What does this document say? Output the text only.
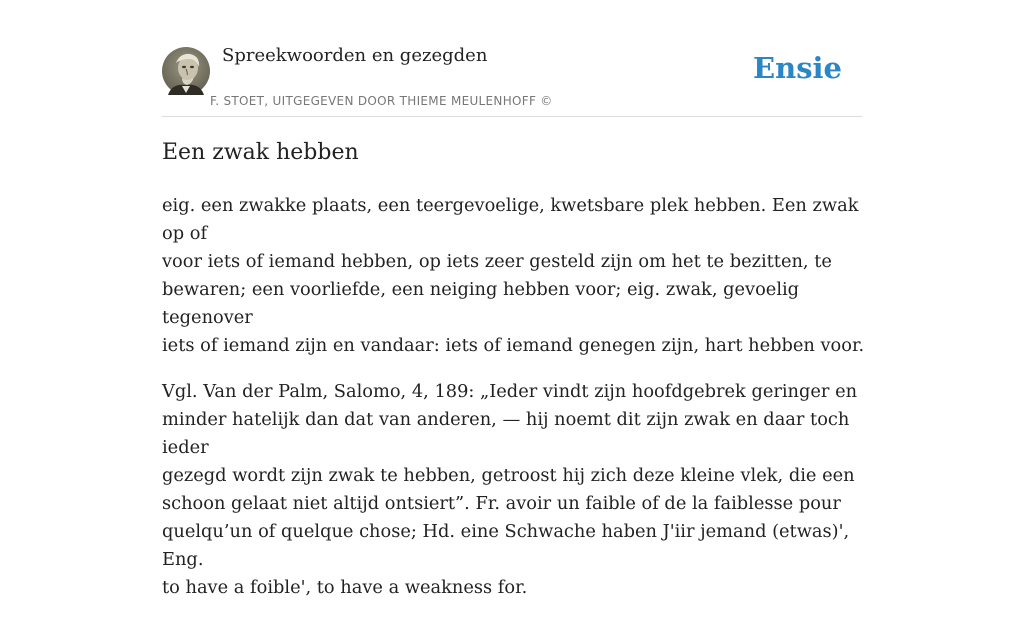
Spreekwoorden en gezegden
F. STOET, UITGEGEVEN DOOR THIEME MEULENHOFF ©
Ensie
Een zwak hebben

eig. een zwakke plaats, een teergevoelige, kwetsbare plek hebben. Een zwak op of
voor iets of iemand hebben, op iets zeer gesteld zijn om het te bezitten, te
bewaren; een voorliefde, een neiging hebben voor; eig. zwak, gevoelig tegenover
iets of iemand zijn en vandaar: iets of iemand genegen zijn, hart hebben voor.

Vgl. Van der Palm, Salomo, 4, 189: „Ieder vindt zijn hoofdgebrek geringer en
minder hatelijk dan dat van anderen, — hij noemt dit zijn zwak en daar toch ieder
gezegd wordt zijn zwak te hebben, getroost hij zich deze kleine vlek, die een
schoon gelaat niet altijd ontsiert”. Fr. avoir un faible of de la faiblesse pour
quelqu’un of quelque chose; Hd. eine Schwache haben J'iir jemand (etwas)', Eng.
to have a foible', to have a weakness for.
